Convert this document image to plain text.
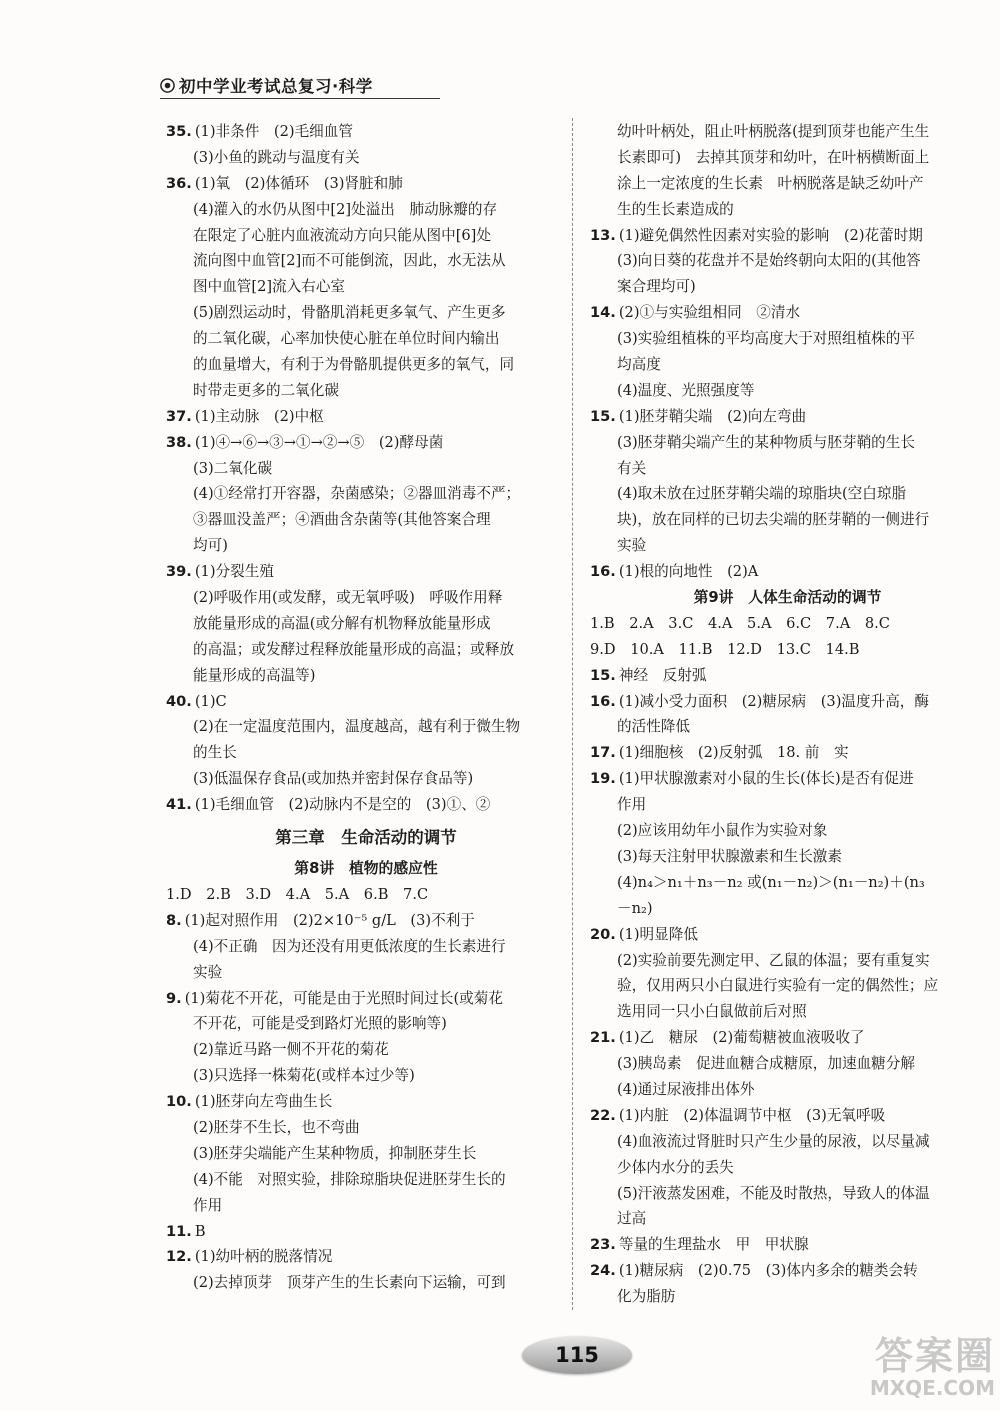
初中学业考试总复习·科学
35. (1)非条件　(2)毛细血管
(3)小鱼的跳动与温度有关
36. (1)氧　(2)体循环　(3)肾脏和肺
(4)灌入的水仍从图中[2]处溢出　肺动脉瓣的存
在限定了心脏内血液流动方向只能从图中[6]处
流向图中血管[2]而不可能倒流，因此，水无法从
图中血管[2]流入右心室
(5)剧烈运动时，骨骼肌消耗更多氧气、产生更多
的二氧化碳，心率加快使心脏在单位时间内输出
的血量增大，有利于为骨骼肌提供更多的氧气，同
时带走更多的二氧化碳
37. (1)主动脉　(2)中枢
38. (1)④→⑥→③→①→②→⑤　(2)酵母菌
(3)二氧化碳
(4)①经常打开容器，杂菌感染；②器皿消毒不严；
③器皿没盖严；④酒曲含杂菌等(其他答案合理
均可)
39. (1)分裂生殖
(2)呼吸作用(或发酵，或无氧呼吸)　呼吸作用释
放能量形成的高温(或分解有机物释放能量形成
的高温；或发酵过程释放能量形成的高温；或释放
能量形成的高温等)
40. (1)C
(2)在一定温度范围内，温度越高，越有利于微生物
的生长
(3)低温保存食品(或加热并密封保存食品等)
41. (1)毛细血管　(2)动脉内不是空的　(3)①、②
第三章　生命活动的调节
第8讲　植物的感应性
1.D　2.B　3.D　4.A　5.A　6.B　7.C
8. (1)起对照作用　(2)2×10⁻⁵ g/L　(3)不利于
(4)不正确　因为还没有用更低浓度的生长素进行
实验
9. (1)菊花不开花，可能是由于光照时间过长(或菊花
不开花，可能是受到路灯光照的影响等)
(2)靠近马路一侧不开花的菊花
(3)只选择一株菊花(或样本过少等)
10. (1)胚芽向左弯曲生长
(2)胚芽不生长，也不弯曲
(3)胚芽尖端能产生某种物质，抑制胚芽生长
(4)不能　对照实验，排除琼脂块促进胚芽生长的
作用
11. B
12. (1)幼叶柄的脱落情况
(2)去掉顶芽　顶芽产生的生长素向下运输，可到
幼叶叶柄处，阻止叶柄脱落(提到顶芽也能产生生
长素即可)　去掉其顶芽和幼叶，在叶柄横断面上
涂上一定浓度的生长素　叶柄脱落是缺乏幼叶产
生的生长素造成的
13. (1)避免偶然性因素对实验的影响　(2)花蕾时期
(3)向日葵的花盘并不是始终朝向太阳的(其他答
案合理均可)
14. (2)①与实验组相同　②清水
(3)实验组植株的平均高度大于对照组植株的平
均高度
(4)温度、光照强度等
15. (1)胚芽鞘尖端　(2)向左弯曲
(3)胚芽鞘尖端产生的某种物质与胚芽鞘的生长
有关
(4)取未放在过胚芽鞘尖端的琼脂块(空白琼脂
块)，放在同样的已切去尖端的胚芽鞘的一侧进行
实验
16. (1)根的向地性　(2)A
第9讲　人体生命活动的调节
1.B　2.A　3.C　4.A　5.A　6.C　7.A　8.C
9.D　10.A　11.B　12.D　13.C　14.B
15. 神经　反射弧
16. (1)减小受力面积　(2)糖尿病　(3)温度升高，酶
的活性降低
17. (1)细胞核　(2)反射弧　18. 前　实
19. (1)甲状腺激素对小鼠的生长(体长)是否有促进
作用
(2)应该用幼年小鼠作为实验对象
(3)每天注射甲状腺激素和生长激素
(4)n₄＞n₁＋n₃－n₂ 或(n₁－n₂)＞(n₁－n₂)＋(n₃
－n₂)
20. (1)明显降低
(2)实验前要先测定甲、乙鼠的体温；要有重复实
验，仅用两只小白鼠进行实验有一定的偶然性；应
选用同一只小白鼠做前后对照
21. (1)乙　糖尿　(2)葡萄糖被血液吸收了
(3)胰岛素　促进血糖合成糖原，加速血糖分解
(4)通过尿液排出体外
22. (1)内脏　(2)体温调节中枢　(3)无氧呼吸
(4)血液流过肾脏时只产生少量的尿液，以尽量减
少体内水分的丢失
(5)汗液蒸发困难，不能及时散热，导致人的体温
过高
23. 等量的生理盐水　甲　甲状腺
24. (1)糖尿病　(2)0.75　(3)体内多余的糖类会转
化为脂肪
115	答案圈
MXQE.COM
